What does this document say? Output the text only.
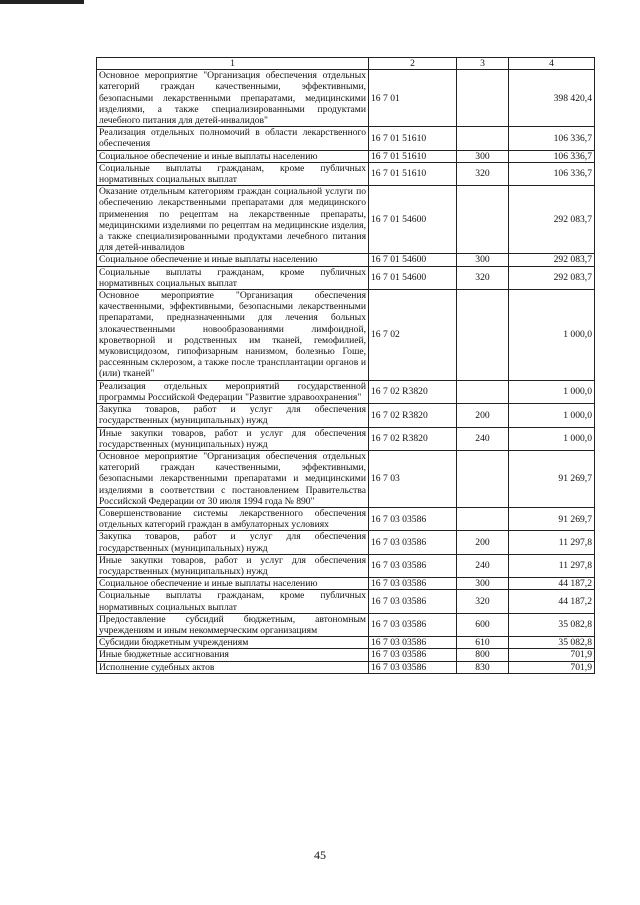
1	2	3	4
Основное мероприятие "Организация обеспечения отдельных категорий граждан качественными, эффективными, безопасными лекарственными препаратами, медицинскими изделиями, а также специализированными продуктами лечебного питания для детей-инвалидов"	16 7 01		398 420,4
Реализация отдельных полномочий в области лекарственного обеспечения	16 7 01 51610		106 336,7
Социальное обеспечение и иные выплаты населению	16 7 01 51610	300	106 336,7
Социальные выплаты гражданам, кроме публичных нормативных социальных выплат	16 7 01 51610	320	106 336,7
Оказание отдельным категориям граждан социальной услуги по обеспечению лекарственными препаратами для медицинского применения по рецептам на лекарственные препараты, медицинскими изделиями по рецептам на медицинские изделия, а также специализированными продуктами лечебного питания для детей-инвалидов	16 7 01 54600		292 083,7
Социальное обеспечение и иные выплаты населению	16 7 01 54600	300	292 083,7
Социальные выплаты гражданам, кроме публичных нормативных социальных выплат	16 7 01 54600	320	292 083,7
Основное мероприятие "Организация обеспечения качественными, эффективными, безопасными лекарственными препаратами, предназначенными для лечения больных злокачественными новообразованиями лимфоидной, кроветворной и родственных им тканей, гемофилией, муковисцидозом, гипофизарным нанизмом, болезнью Гоше, рассеянным склерозом, а также после трансплантации органов и (или) тканей"	16 7 02		1 000,0
Реализация отдельных мероприятий государственной программы Российской Федерации "Развитие здравоохранения"	16 7 02 R3820		1 000,0
Закупка товаров, работ и услуг для обеспечения государственных (муниципальных) нужд	16 7 02 R3820	200	1 000,0
Иные закупки товаров, работ и услуг для обеспечения государственных (муниципальных) нужд	16 7 02 R3820	240	1 000,0
Основное мероприятие "Организация обеспечения отдельных категорий граждан качественными, эффективными, безопасными лекарственными препаратами и медицинскими изделиями в соответствии с постановлением Правительства Российской Федерации от 30 июля 1994 года № 890"	16 7 03		91 269,7
Совершенствование системы лекарственного обеспечения отдельных категорий граждан в амбулаторных условиях	16 7 03 03586		91 269,7
Закупка товаров, работ и услуг для обеспечения государственных (муниципальных) нужд	16 7 03 03586	200	11 297,8
Иные закупки товаров, работ и услуг для обеспечения государственных (муниципальных) нужд	16 7 03 03586	240	11 297,8
Социальное обеспечение и иные выплаты населению	16 7 03 03586	300	44 187,2
Социальные выплаты гражданам, кроме публичных нормативных социальных выплат	16 7 03 03586	320	44 187,2
Предоставление субсидий бюджетным, автономным учреждениям и иным некоммерческим организациям	16 7 03 03586	600	35 082,8
Субсидии бюджетным учреждениям	16 7 03 03586	610	35 082,8
Иные бюджетные ассигнования	16 7 03 03586	800	701,9
Исполнение судебных актов	16 7 03 03586	830	701,9
45
